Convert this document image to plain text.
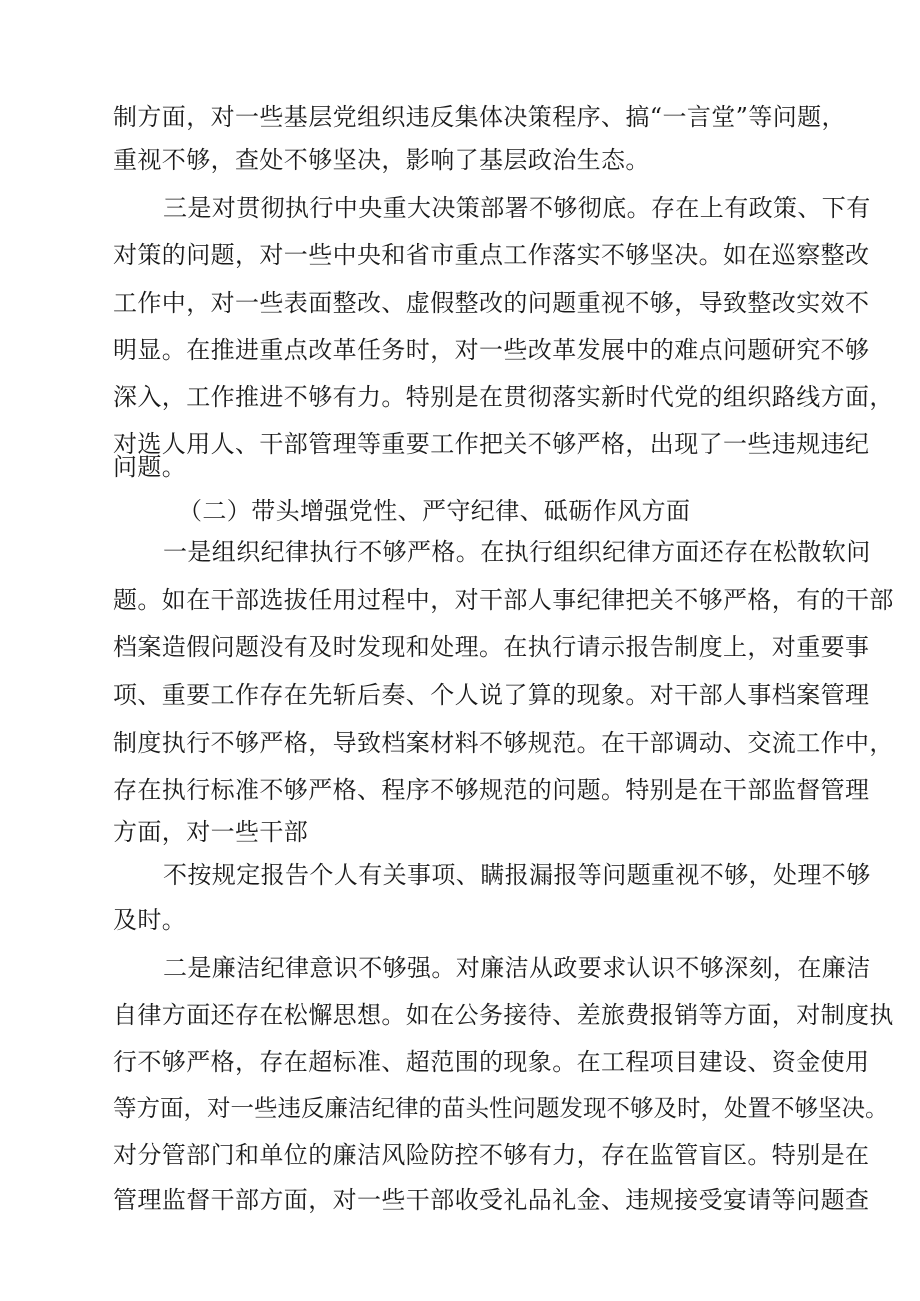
制方面，对一些基层党组织违反集体决策程序、搞“一言堂”等问题，
重视不够，查处不够坚决，影响了基层政治生态。
三是对贯彻执行中央重大决策部署不够彻底。存在上有政策、下有
对策的问题，对一些中央和省市重点工作落实不够坚决。如在巡察整改
工作中，对一些表面整改、虚假整改的问题重视不够，导致整改实效不
明显。在推进重点改革任务时，对一些改革发展中的难点问题研究不够
深入，工作推进不够有力。特别是在贯彻落实新时代党的组织路线方面，
对选人用人、干部管理等重要工作把关不够严格，出现了一些违规违纪
问题。
（二）带头增强党性、严守纪律、砥砺作风方面
一是组织纪律执行不够严格。在执行组织纪律方面还存在松散软问
题。如在干部选拔任用过程中，对干部人事纪律把关不够严格，有的干部
档案造假问题没有及时发现和处理。在执行请示报告制度上，对重要事
项、重要工作存在先斩后奏、个人说了算的现象。对干部人事档案管理
制度执行不够严格，导致档案材料不够规范。在干部调动、交流工作中，
存在执行标准不够严格、程序不够规范的问题。特别是在干部监督管理
方面，对一些干部
不按规定报告个人有关事项、瞒报漏报等问题重视不够，处理不够
及时。
二是廉洁纪律意识不够强。对廉洁从政要求认识不够深刻，在廉洁
自律方面还存在松懈思想。如在公务接待、差旅费报销等方面，对制度执
行不够严格，存在超标准、超范围的现象。在工程项目建设、资金使用
等方面，对一些违反廉洁纪律的苗头性问题发现不够及时，处置不够坚决。
对分管部门和单位的廉洁风险防控不够有力，存在监管盲区。特别是在
管理监督干部方面，对一些干部收受礼品礼金、违规接受宴请等问题查
